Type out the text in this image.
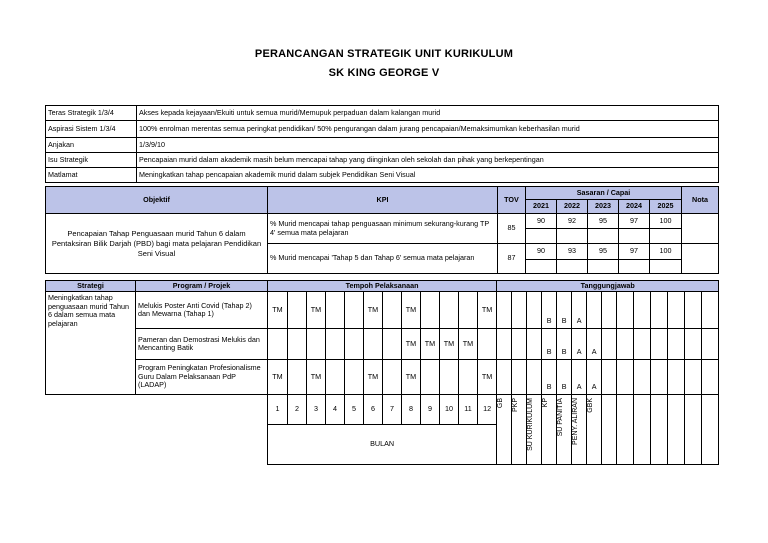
PERANCANGAN STRATEGIK UNIT KURIKULUM
SK KING GEORGE V
Teras Strategik 1/3/4	Akses kepada kejayaan/Ekuiti untuk semua murid/Memupuk perpaduan dalam kalangan murid
Aspirasi Sistem 1/3/4	100% enrolman merentas semua peringkat pendidikan/ 50% pengurangan dalam jurang pencapaian/Memaksimumkan keberhasilan murid
Anjakan	1/3/9/10
Isu Strategik	Pencapaian murid dalam akademik masih belum mencapai tahap yang diinginkan oleh sekolah dan pihak yang berkepentingan
Matlamat	Meningkatkan tahap pencapaian akademik murid dalam subjek Pendidikan Seni Visual
Objektif	KPI	TOV	Sasaran / Capai					Nota
			2021	2022	2023	2024	2025	
Pencapaian Tahap Penguasaan murid Tahun 6 dalam Pentaksiran Bilik Darjah (PBD) bagi mata pelajaran Pendidikan Seni Visual	% Murid mencapai tahap penguasaan minimum sekurang-kurang TP 4' semua mata pelajaran	85	90	92	95	97	100	

	% Murid mencapai 'Tahap 5 dan Tahap 6' semua mata pelajaran	87	90	93	95	97	100	

Strategi	Program / Projek	Tempoh Pelaksanaan												Tanggungjawab													
Meningkatkan tahap penguasaan murid Tahun 6 dalam semua mata pelajaran	Melukis Poster Anti Covid (Tahap 2) dan Mewarna (Tahap 1)	TM		TM			TM		TM				TM				B	B	A								
	Pameran dan Demostrasi Melukis dan Mencanting Batik								TM	TM	TM	TM					B	B	A	A							
	Program Peningkatan Profesionalisme Guru Dalam Pelaksanaan PdP (LADAP)	TM		TM			TM		TM				TM				B	B	A	A							
		1	2	3	4	5	6	7	8	9	10	11	12	GB	PKP	SU KURIKULUM	KP	SU PANITIA	PENY. ALIRAN	GBK							

		BULAN																									
